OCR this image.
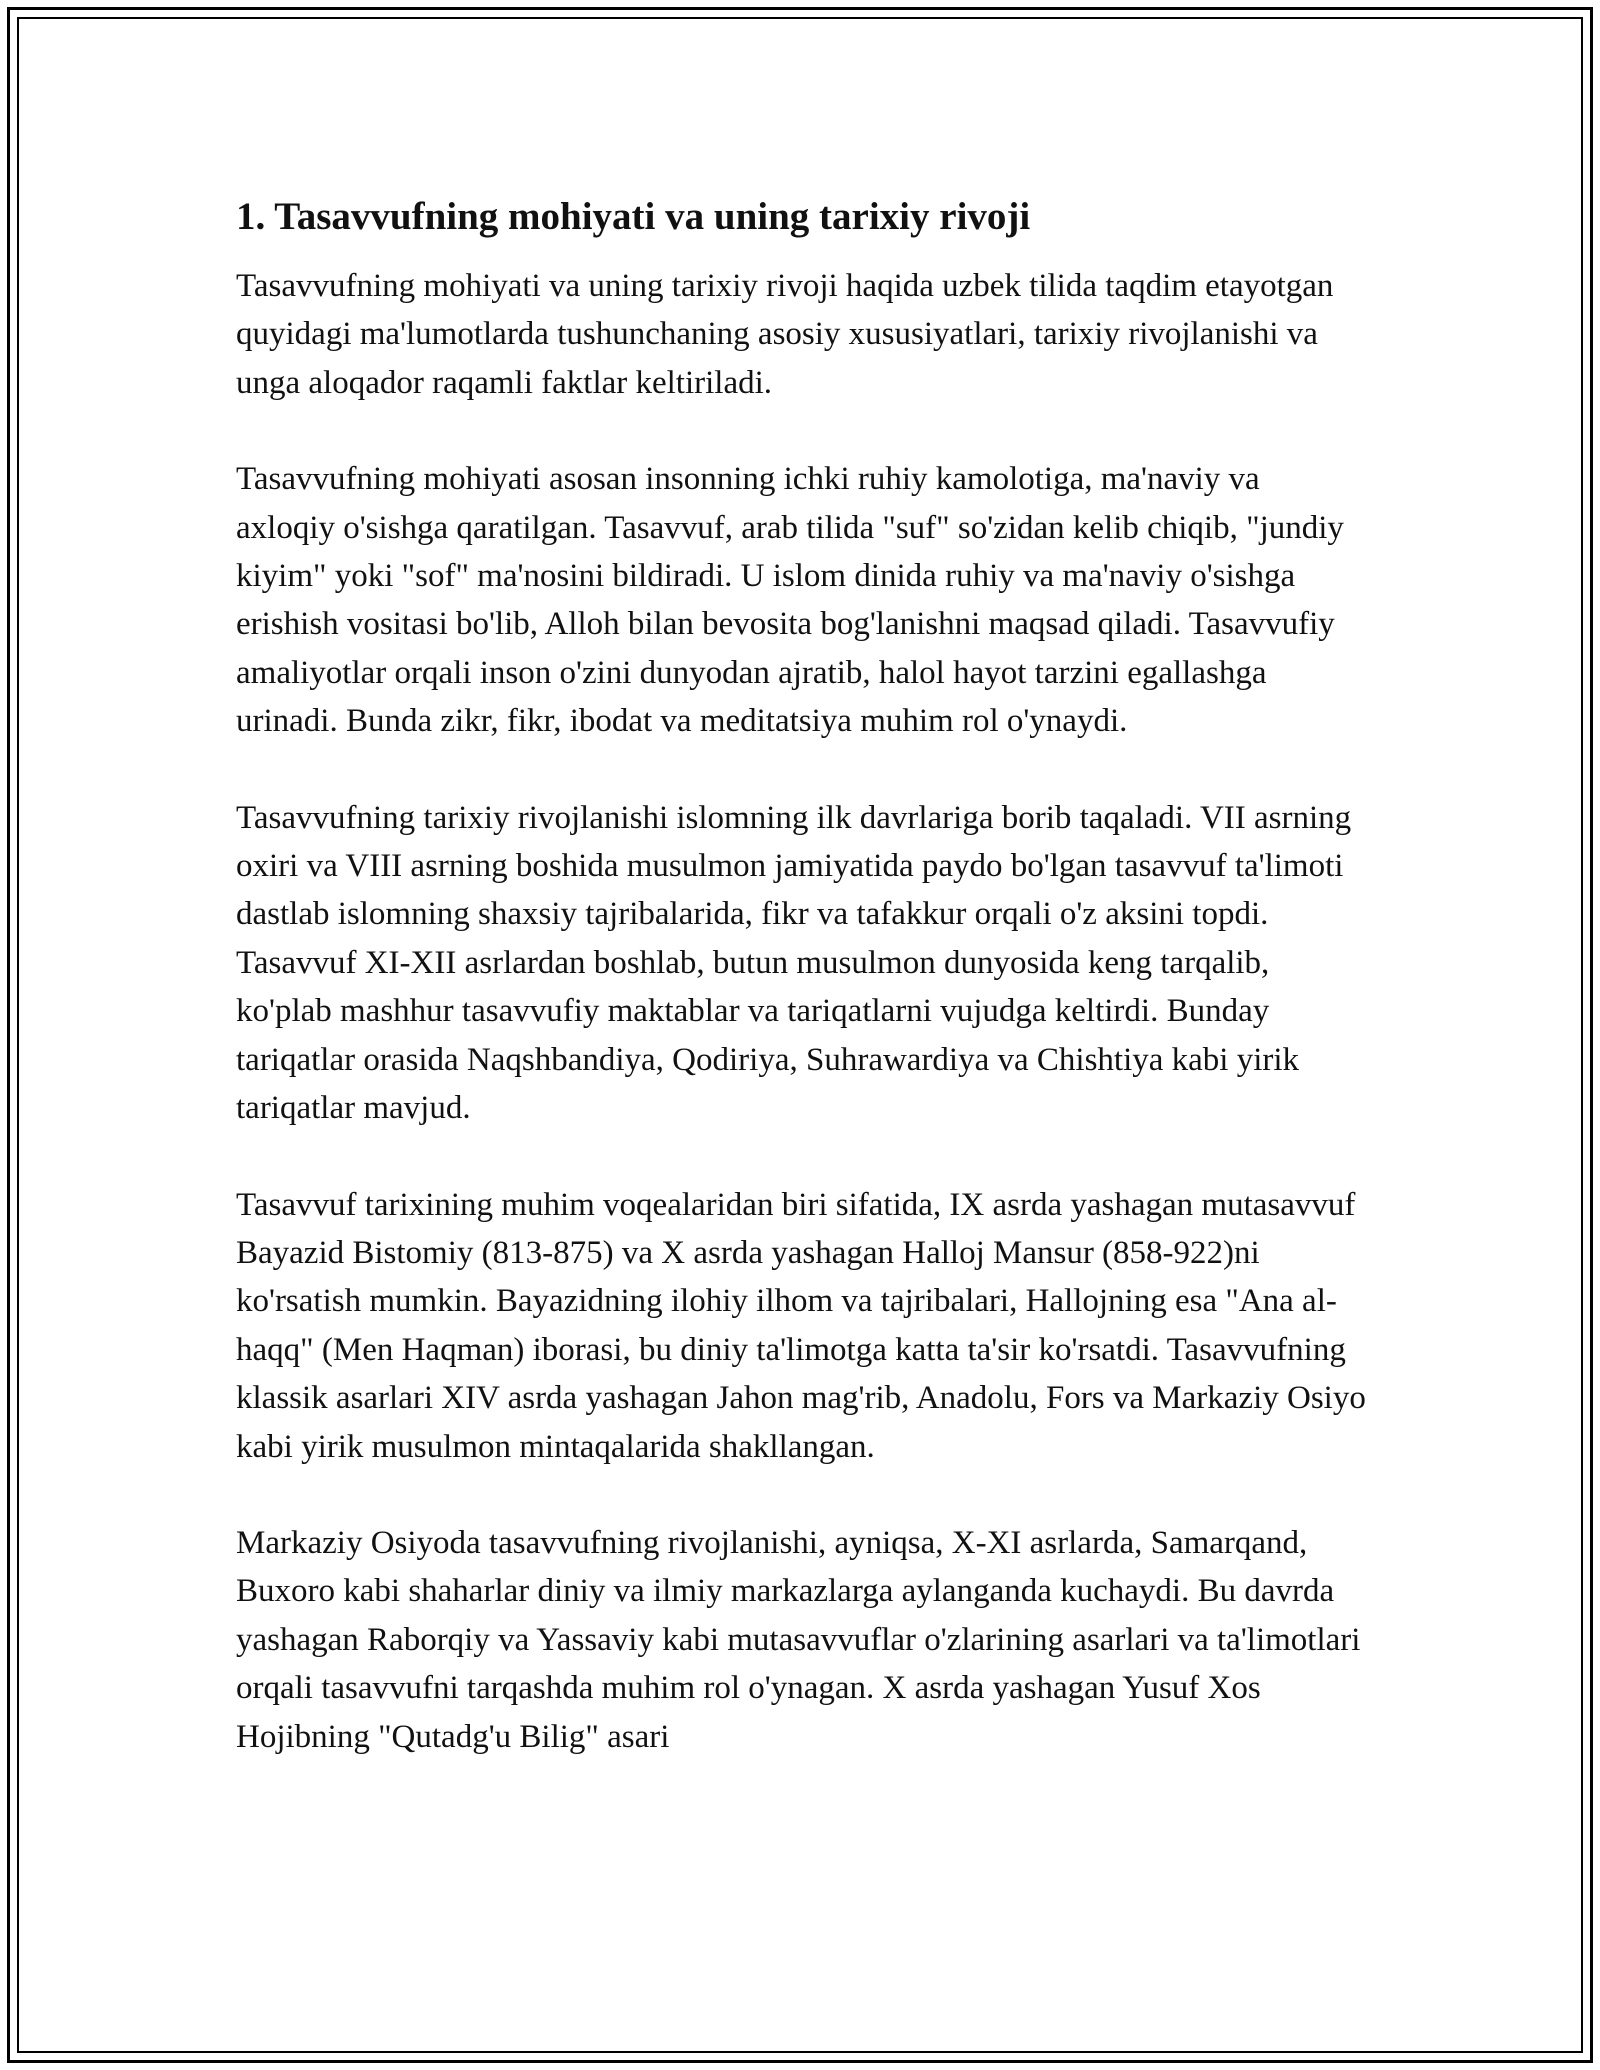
1. Tasavvufning mohiyati va uning tarixiy rivoji

Tasavvufning mohiyati va uning tarixiy rivoji haqida uzbek tilida taqdim etayotgan quyidagi ma'lumotlarda tushunchaning asosiy xususiyatlari, tarixiy rivojlanishi va unga aloqador raqamli faktlar keltiriladi.

Tasavvufning mohiyati asosan insonning ichki ruhiy kamolotiga, ma'naviy va axloqiy o'sishga qaratilgan. Tasavvuf, arab tilida "suf" so'zidan kelib chiqib, "jundiy kiyim" yoki "sof" ma'nosini bildiradi. U islom dinida ruhiy va ma'naviy o'sishga erishish vositasi bo'lib, Alloh bilan bevosita bog'lanishni maqsad qiladi. Tasavvufiy amaliyotlar orqali inson o'zini dunyodan ajratib, halol hayot tarzini egallashga urinadi. Bunda zikr, fikr, ibodat va meditatsiya muhim rol o'ynaydi.

Tasavvufning tarixiy rivojlanishi islomning ilk davrlariga borib taqaladi. VII asrning oxiri va VIII asrning boshida musulmon jamiyatida paydo bo'lgan tasavvuf ta'limoti dastlab islomning shaxsiy tajribalarida, fikr va tafakkur orqali o'z aksini topdi. Tasavvuf XI-XII asrlardan boshlab, butun musulmon dunyosida keng tarqalib, ko'plab mashhur tasavvufiy maktablar va tariqatlarni vujudga keltirdi. Bunday tariqatlar orasida Naqshbandiya, Qodiriya, Suhrawardiya va Chishtiya kabi yirik tariqatlar mavjud.

Tasavvuf tarixining muhim voqealaridan biri sifatida, IX asrda yashagan mutasavvuf Bayazid Bistomiy (813-875) va X asrda yashagan Halloj Mansur (858-922)ni ko'rsatish mumkin. Bayazidning ilohiy ilhom va tajribalari, Hallojning esa "Ana al-haqq" (Men Haqman) iborasi, bu diniy ta'limotga katta ta'sir ko'rsatdi. Tasavvufning klassik asarlari XIV asrda yashagan Jahon mag'rib, Anadolu, Fors va Markaziy Osiyo kabi yirik musulmon mintaqalarida shakllangan.

Markaziy Osiyoda tasavvufning rivojlanishi, ayniqsa, X-XI asrlarda, Samarqand, Buxoro kabi shaharlar diniy va ilmiy markazlarga aylanganda kuchaydi. Bu davrda yashagan Raborqiy va Yassaviy kabi mutasavvuflar o'zlarining asarlari va ta'limotlari orqali tasavvufni tarqashda muhim rol o'ynagan. X asrda yashagan Yusuf Xos Hojibning "Qutadg'u Bilig" asari
